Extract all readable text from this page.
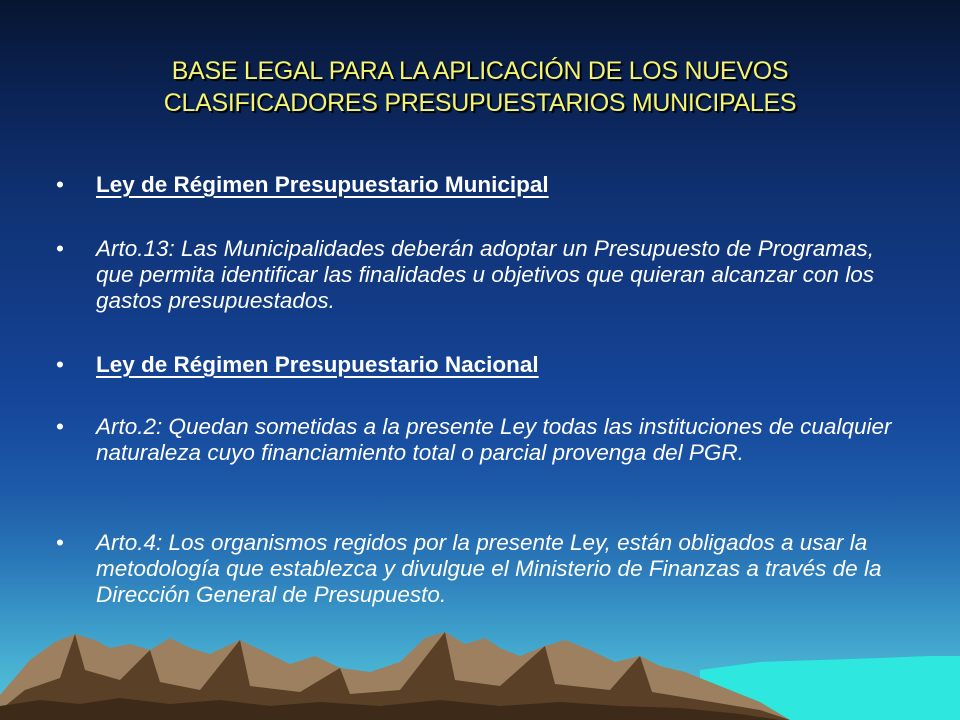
BASE LEGAL PARA LA APLICACIÓN DE LOS NUEVOS
CLASIFICADORES PRESUPUESTARIOS MUNICIPALES
•	Ley de Régimen Presupuestario Municipal
•	Arto.13: Las Municipalidades deberán adoptar un Presupuesto de Programas, que permita identificar las finalidades u objetivos que quieran alcanzar con los gastos presupuestados.
•	Ley de Régimen Presupuestario Nacional
•	Arto.2: Quedan sometidas a la presente Ley todas las instituciones de cualquier naturaleza cuyo financiamiento total o parcial provenga del PGR.
•	Arto.4: Los organismos regidos por la presente Ley, están obligados a usar la metodología que establezca y divulgue el Ministerio de Finanzas a través de la Dirección General de Presupuesto.
